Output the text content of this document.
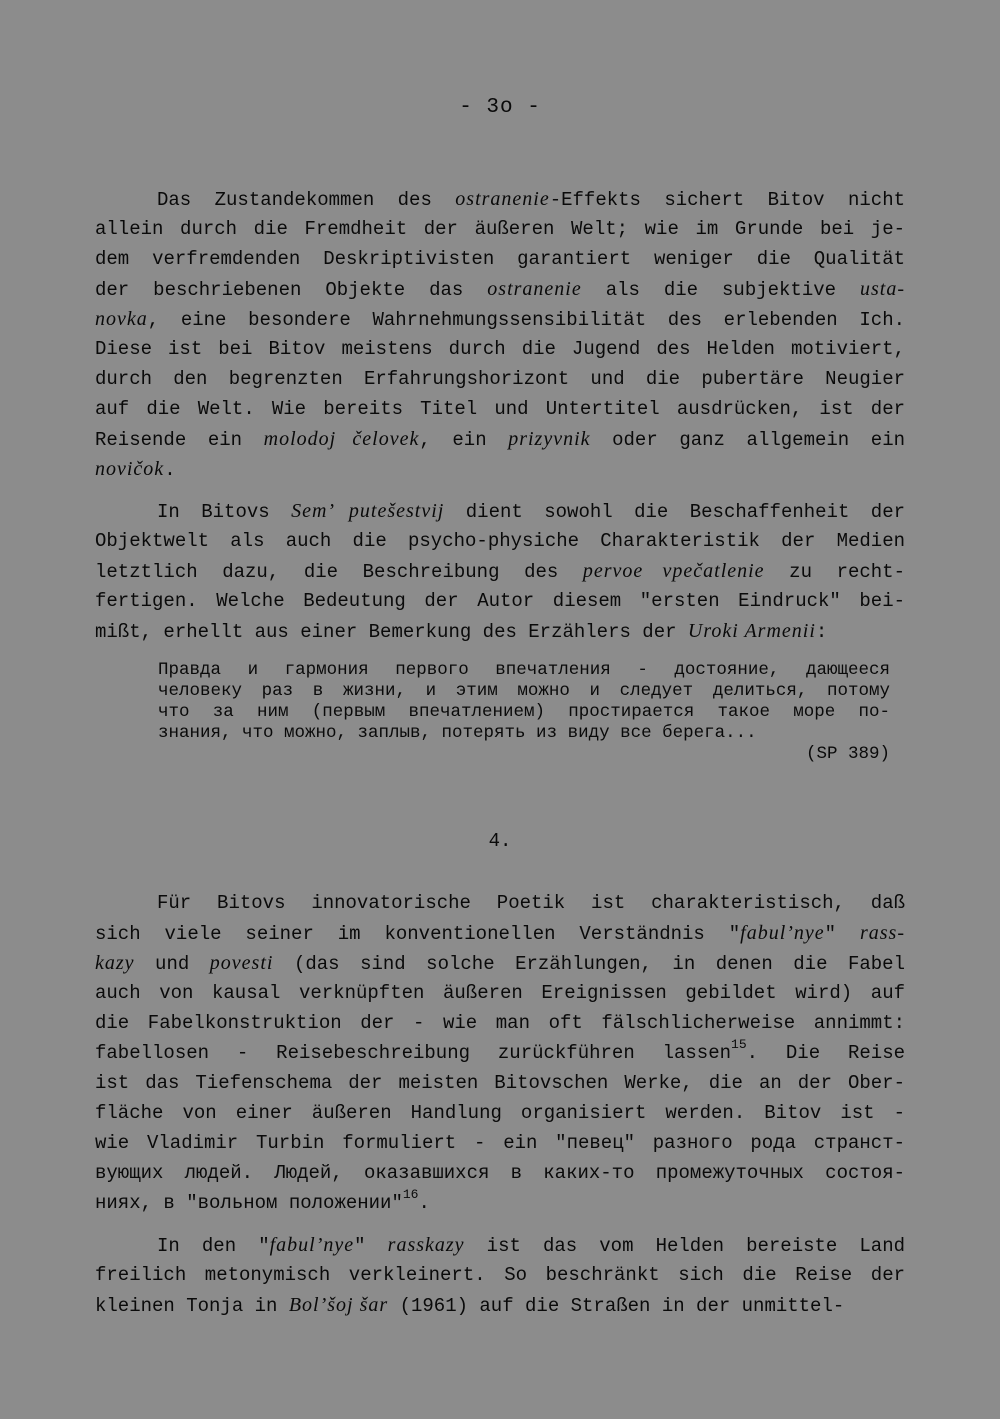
- 3o -
Das Zustandekommen des ostranenie-Effekts sichert Bitov nicht
allein durch die Fremdheit der äußeren Welt; wie im Grunde bei je-
dem verfremdenden Deskriptivisten garantiert weniger die Qualität
der beschriebenen Objekte das ostranenie als die subjektive usta-
novka, eine besondere Wahrnehmungssensibilität des erlebenden Ich.
Diese ist bei Bitov meistens durch die Jugend des Helden motiviert,
durch den begrenzten Erfahrungshorizont und die pubertäre Neugier
auf die Welt. Wie bereits Titel und Untertitel ausdrücken, ist der
Reisende ein molodoj čelovek, ein prizyvnik oder ganz allgemein ein
novičok.
In Bitovs Sem’ putešestvij dient sowohl die Beschaffenheit der
Objektwelt als auch die psycho-physiche Charakteristik der Medien
letztlich dazu, die Beschreibung des pervoe vpečatlenie zu recht-
fertigen. Welche Bedeutung der Autor diesem "ersten Eindruck" bei-
mißt, erhellt aus einer Bemerkung des Erzählers der Uroki Armenii:
Правда и гармония первого впечатления - достояние, дающееся
человеку раз в жизни, и этим можно и следует делиться, потому
что за ним (первым впечатлением) простирается такое море по-
знания, что можно, заплыв, потерять из виду все берега...
(SP 389)
4.
Für Bitovs innovatorische Poetik ist charakteristisch, daß
sich viele seiner im konventionellen Verständnis "fabul’nye" rass-
kazy und povesti (das sind solche Erzählungen, in denen die Fabel
auch von kausal verknüpften äußeren Ereignissen gebildet wird) auf
die Fabelkonstruktion der - wie man oft fälschlicherweise annimmt:
fabellosen - Reisebeschreibung zurückführen lassen$^{15}$. Die Reise
ist das Tiefenschema der meisten Bitovschen Werke, die an der Ober-
fläche von einer äußeren Handlung organisiert werden. Bitov ist -
wie Vladimir Turbin formuliert - ein "певец" разного рода странст-
вующих людей. Людей, оказавшихся в каких-то промежуточных состоя-
ниях, в "вольном положении"$^{16}$.
In den "fabul’nye" rasskazy ist das vom Helden bereiste Land
freilich metonymisch verkleinert. So beschränkt sich die Reise der
kleinen Tonja in Bol’šoj šar (1961) auf die Straßen in der unmittel-
